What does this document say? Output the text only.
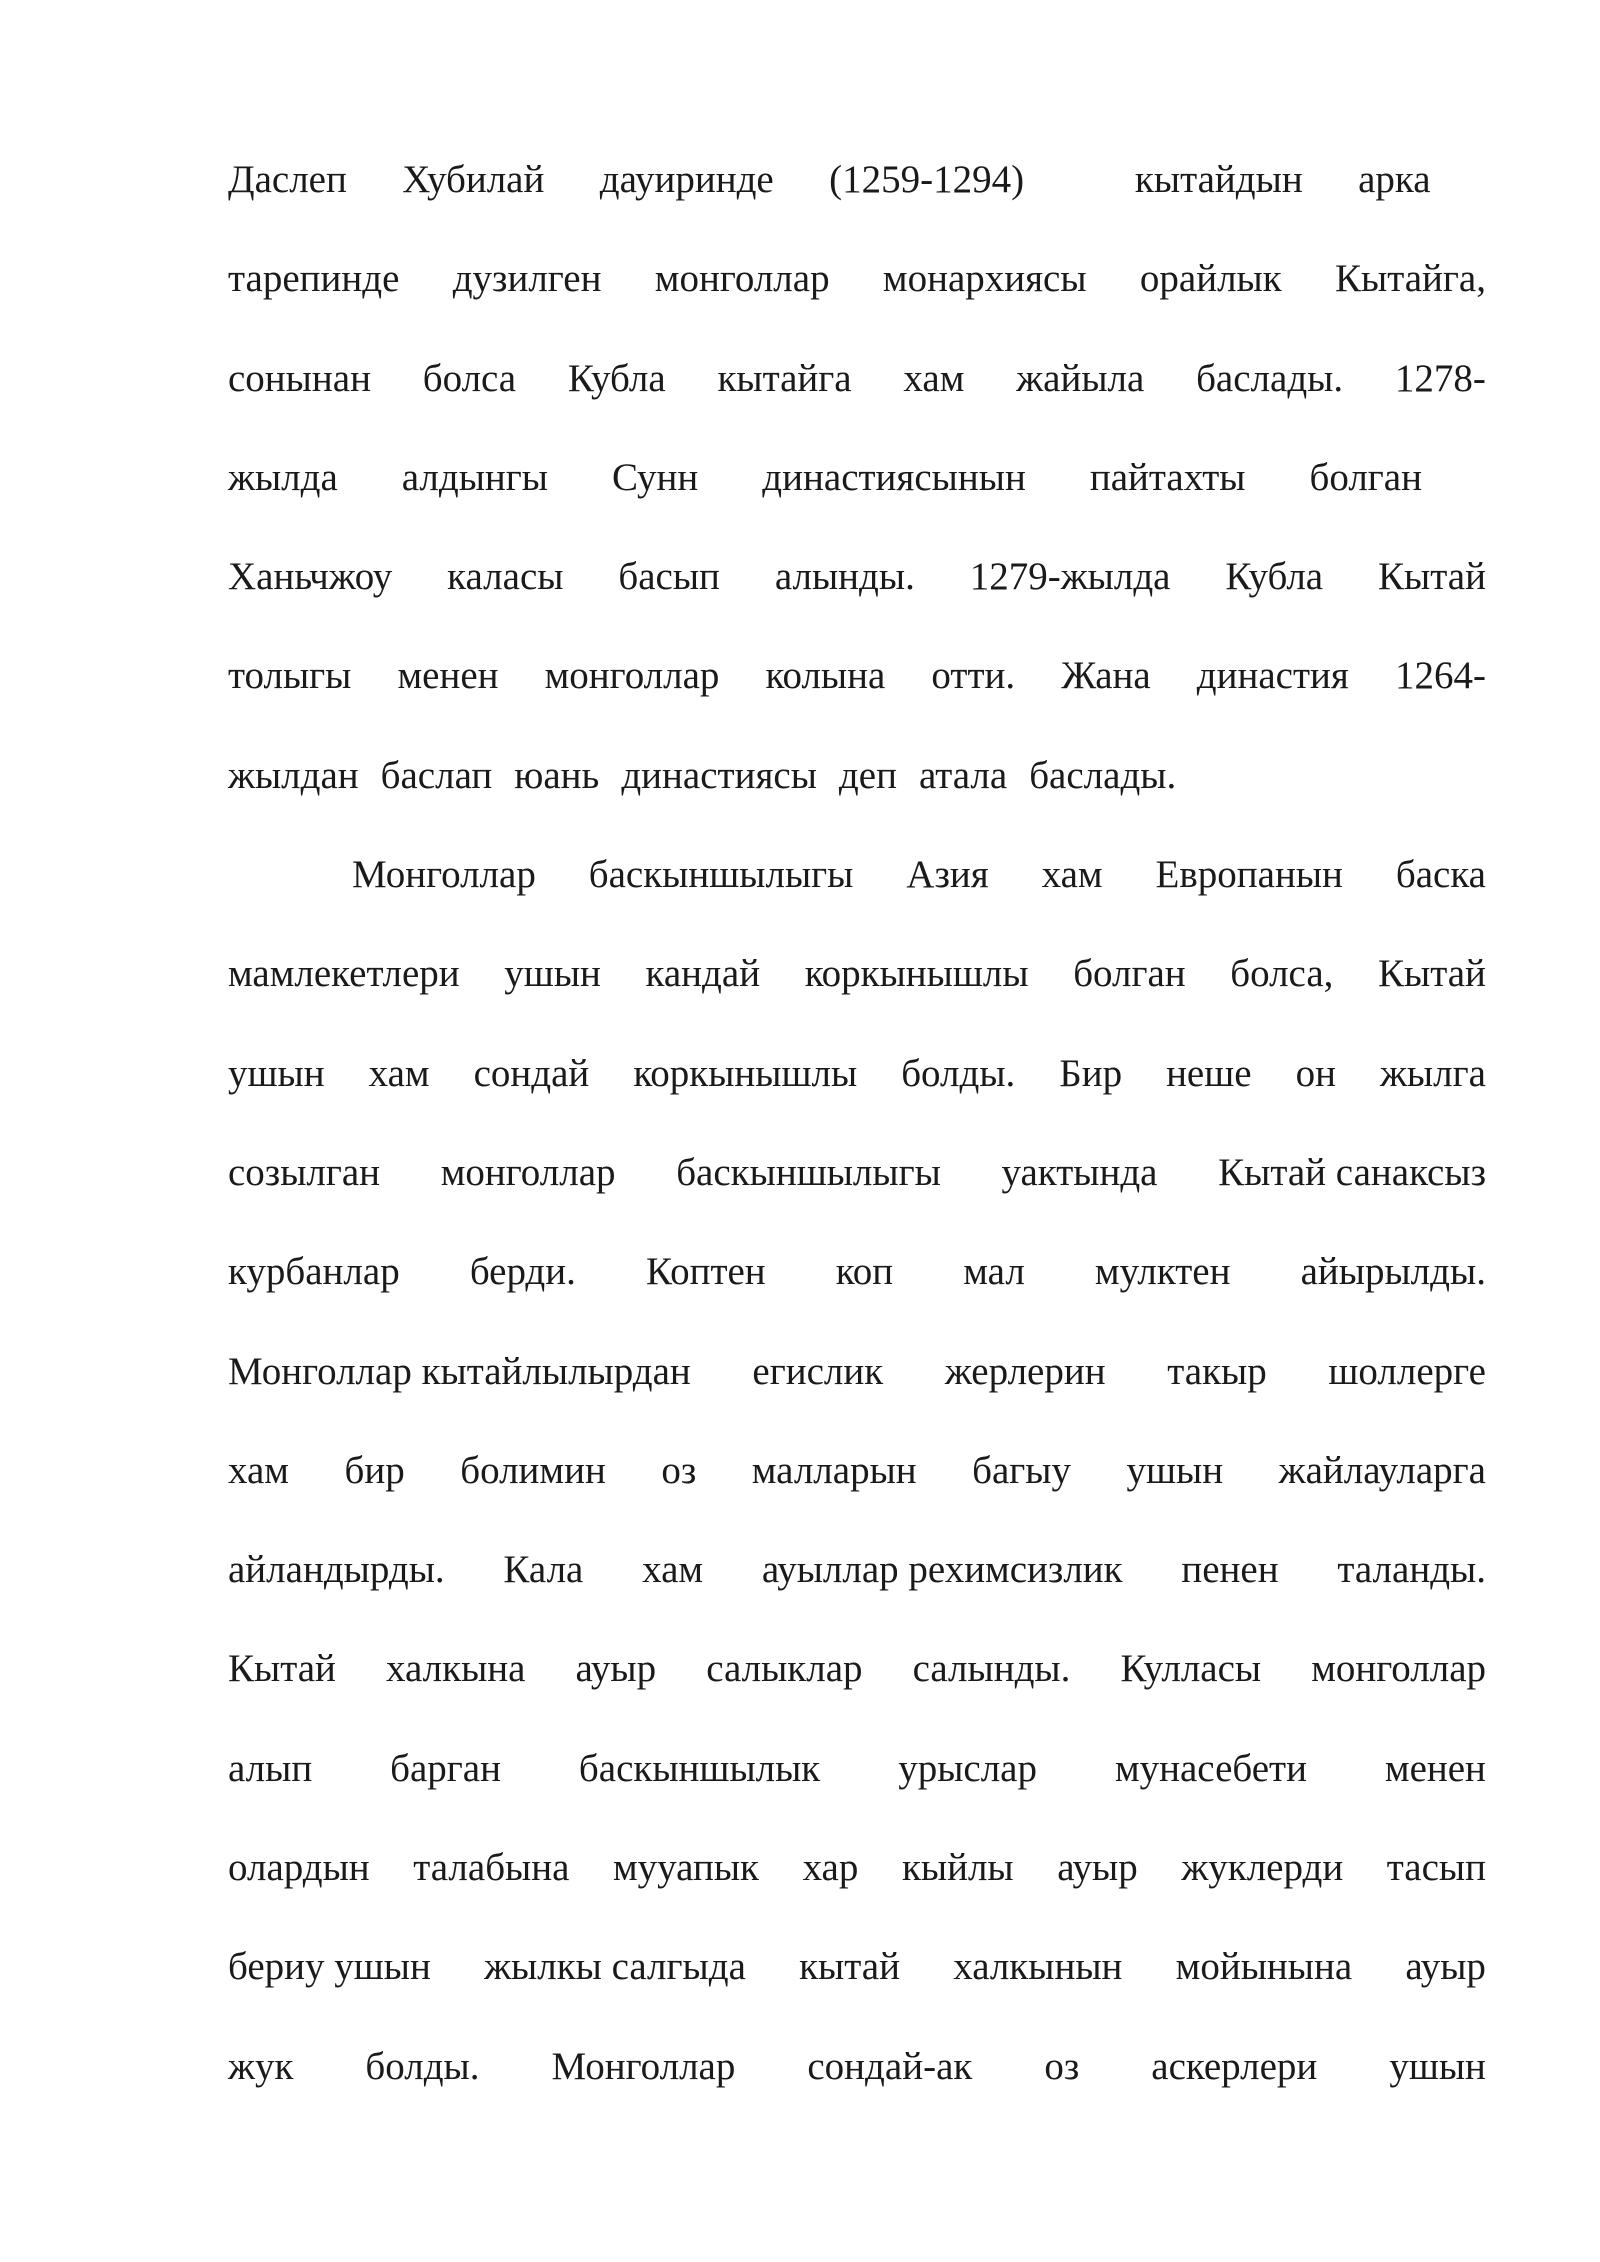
Даслеп Хубилай дауиринде (1259-1294)	кытайдын арка
тарепинде дузилген монголлар монархиясы орайлык Кытайга,
сонынан болса Кубла кытайга хам жайыла баслады. 1278-
жылда алдынгы Сунн династиясынын пайтахты болган
Ханьчжоу каласы басып алынды. 1279-жылда Кубла Кытай
толыгы менен монголлар колына отти. Жана династия 1264-
жылдан баслап юань династиясы деп атала баслады.
Монголлар баскыншылыгы Азия хам Европанын баска
мамлекетлери ушын кандай коркынышлы болган болса, Кытай
ушын хам сондай коркынышлы болды. Бир неше он жылга
созылган монголлар баскыншылыгы уактында Кытай санаксыз
курбанлар берди. Коптен коп мал мулктен айырылды.
Монголлар кытайлылырдан егислик жерлерин такыр шоллерге
хам бир болимин оз малларын багыу ушын жайлауларга
айландырды. Кала хам ауыллар рехимсизлик пенен таланды.
Кытай халкына ауыр салыклар салынды. Кулласы монголлар
алып барган баскыншылык урыслар мунасебети менен
олардын талабына мууапык хар кыйлы ауыр жуклерди тасып
бериу ушын жылкы салгыда кытай халкынын мойынына ауыр
жук болды. Монголлар сондай-ак оз аскерлери ушын
